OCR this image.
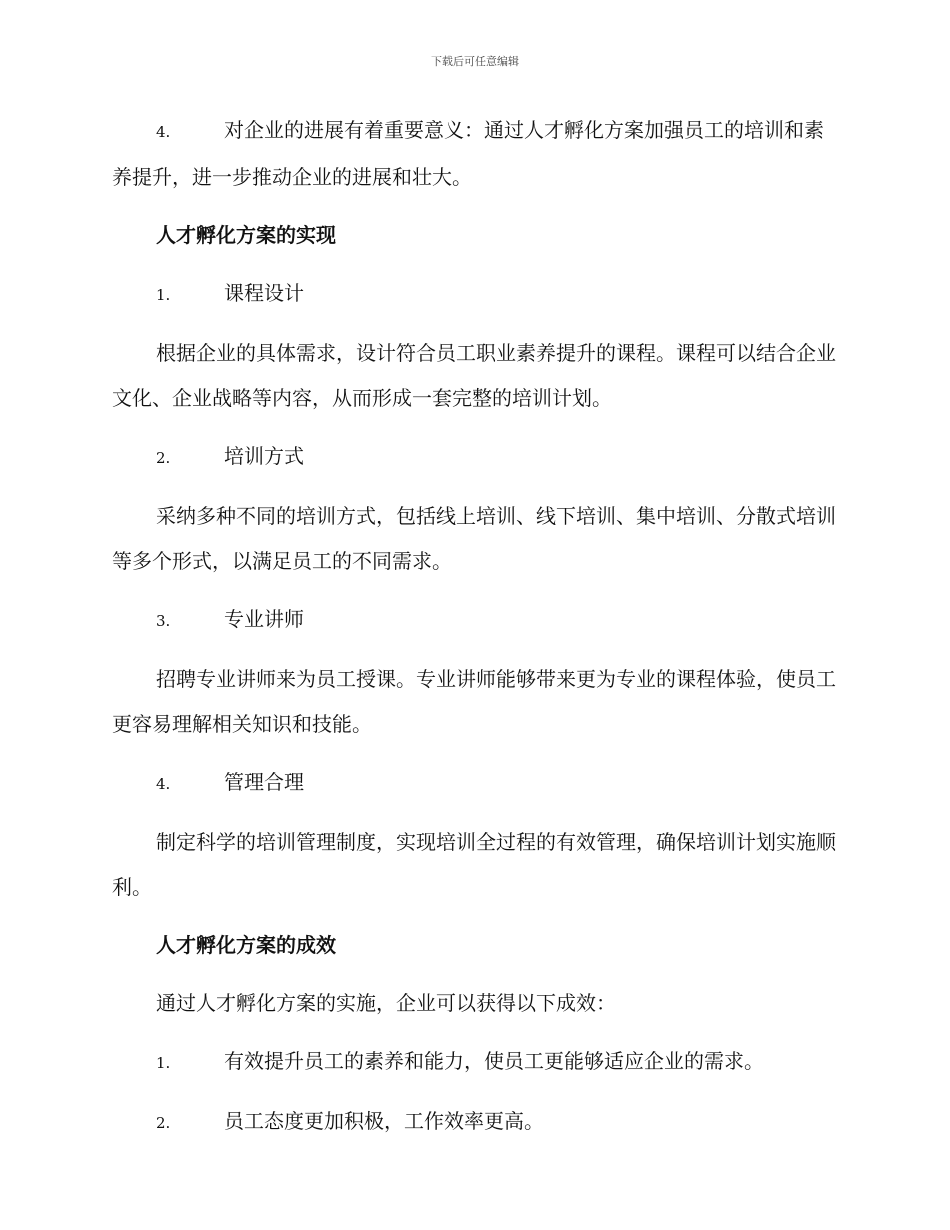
下载后可任意编辑
4.	对企业的进展有着重要意义：通过人才孵化方案加强员工的培训和素养提升，进一步推动企业的进展和壮大。
人才孵化方案的实现
1.	课程设计

根据企业的具体需求，设计符合员工职业素养提升的课程。课程可以结合企业文化、企业战略等内容，从而形成一套完整的培训计划。

2.	培训方式

采纳多种不同的培训方式，包括线上培训、线下培训、集中培训、分散式培训等多个形式，以满足员工的不同需求。

3.	专业讲师

招聘专业讲师来为员工授课。专业讲师能够带来更为专业的课程体验，使员工更容易理解相关知识和技能。

4.	管理合理

制定科学的培训管理制度，实现培训全过程的有效管理，确保培训计划实施顺利。

人才孵化方案的成效

通过人才孵化方案的实施，企业可以获得以下成效：

1.	有效提升员工的素养和能力，使员工更能够适应企业的需求。
2.	员工态度更加积极，工作效率更高。
